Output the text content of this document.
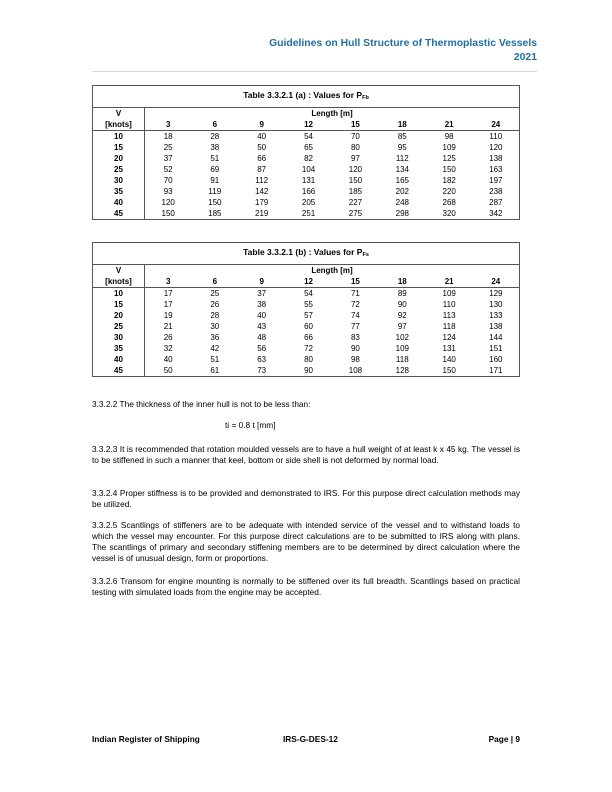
Guidelines on Hull Structure of Thermoplastic Vessels
2021
Table 3.3.2.1 (a) : Values for $P_{Fb}$
V	Length [m]							
[knots]	3	6	9	12	15	18	21	24
10	18	28	40	54	70	85	98	110
15	25	38	50	65	80	95	109	120
20	37	51	66	82	97	112	125	138
25	52	69	87	104	120	134	150	163
30	70	91	112	131	150	165	182	197
35	93	119	142	166	185	202	220	238
40	120	150	179	205	227	248	268	287
45	150	185	219	251	275	298	320	342
Table 3.3.2.1 (b) : Values for $P_{Fs}$
V	Length [m]							
[knots]	3	6	9	12	15	18	21	24
10	17	25	37	54	71	89	109	129
15	17	26	38	55	72	90	110	130
20	19	28	40	57	74	92	113	133
25	21	30	43	60	77	97	118	138
30	26	36	48	66	83	102	124	144
35	32	42	56	72	90	109	131	151
40	40	51	63	80	98	118	140	160
45	50	61	73	90	108	128	150	171
3.3.2.2 The thickness of the inner hull is not to be less than:
ti = 0.8 t [mm]
3.3.2.3 It is recommended that rotation moulded vessels are to have a hull weight of at least k x 45 kg. The vessel is to be stiffened in such a manner that keel, bottom or side shell is not deformed by normal load.
3.3.2.4 Proper stiffness is to be provided and demonstrated to IRS. For this purpose direct calculation methods may be utilized.
3.3.2.5 Scantlings of stiffeners are to be adequate with intended service of the vessel and to withstand loads to which the vessel may encounter. For this purpose direct calculations are to be submitted to IRS along with plans. The scantlings of primary and secondary stiffening members are to be determined by direct calculation where the vessel is of unusual design, form or proportions.
3.3.2.6 Transom for engine mounting is normally to be stiffened over its full breadth. Scantlings based on practical testing with simulated loads from the engine may be accepted.
Indian Register of Shipping	IRS-G-DES-12	Page | 9
